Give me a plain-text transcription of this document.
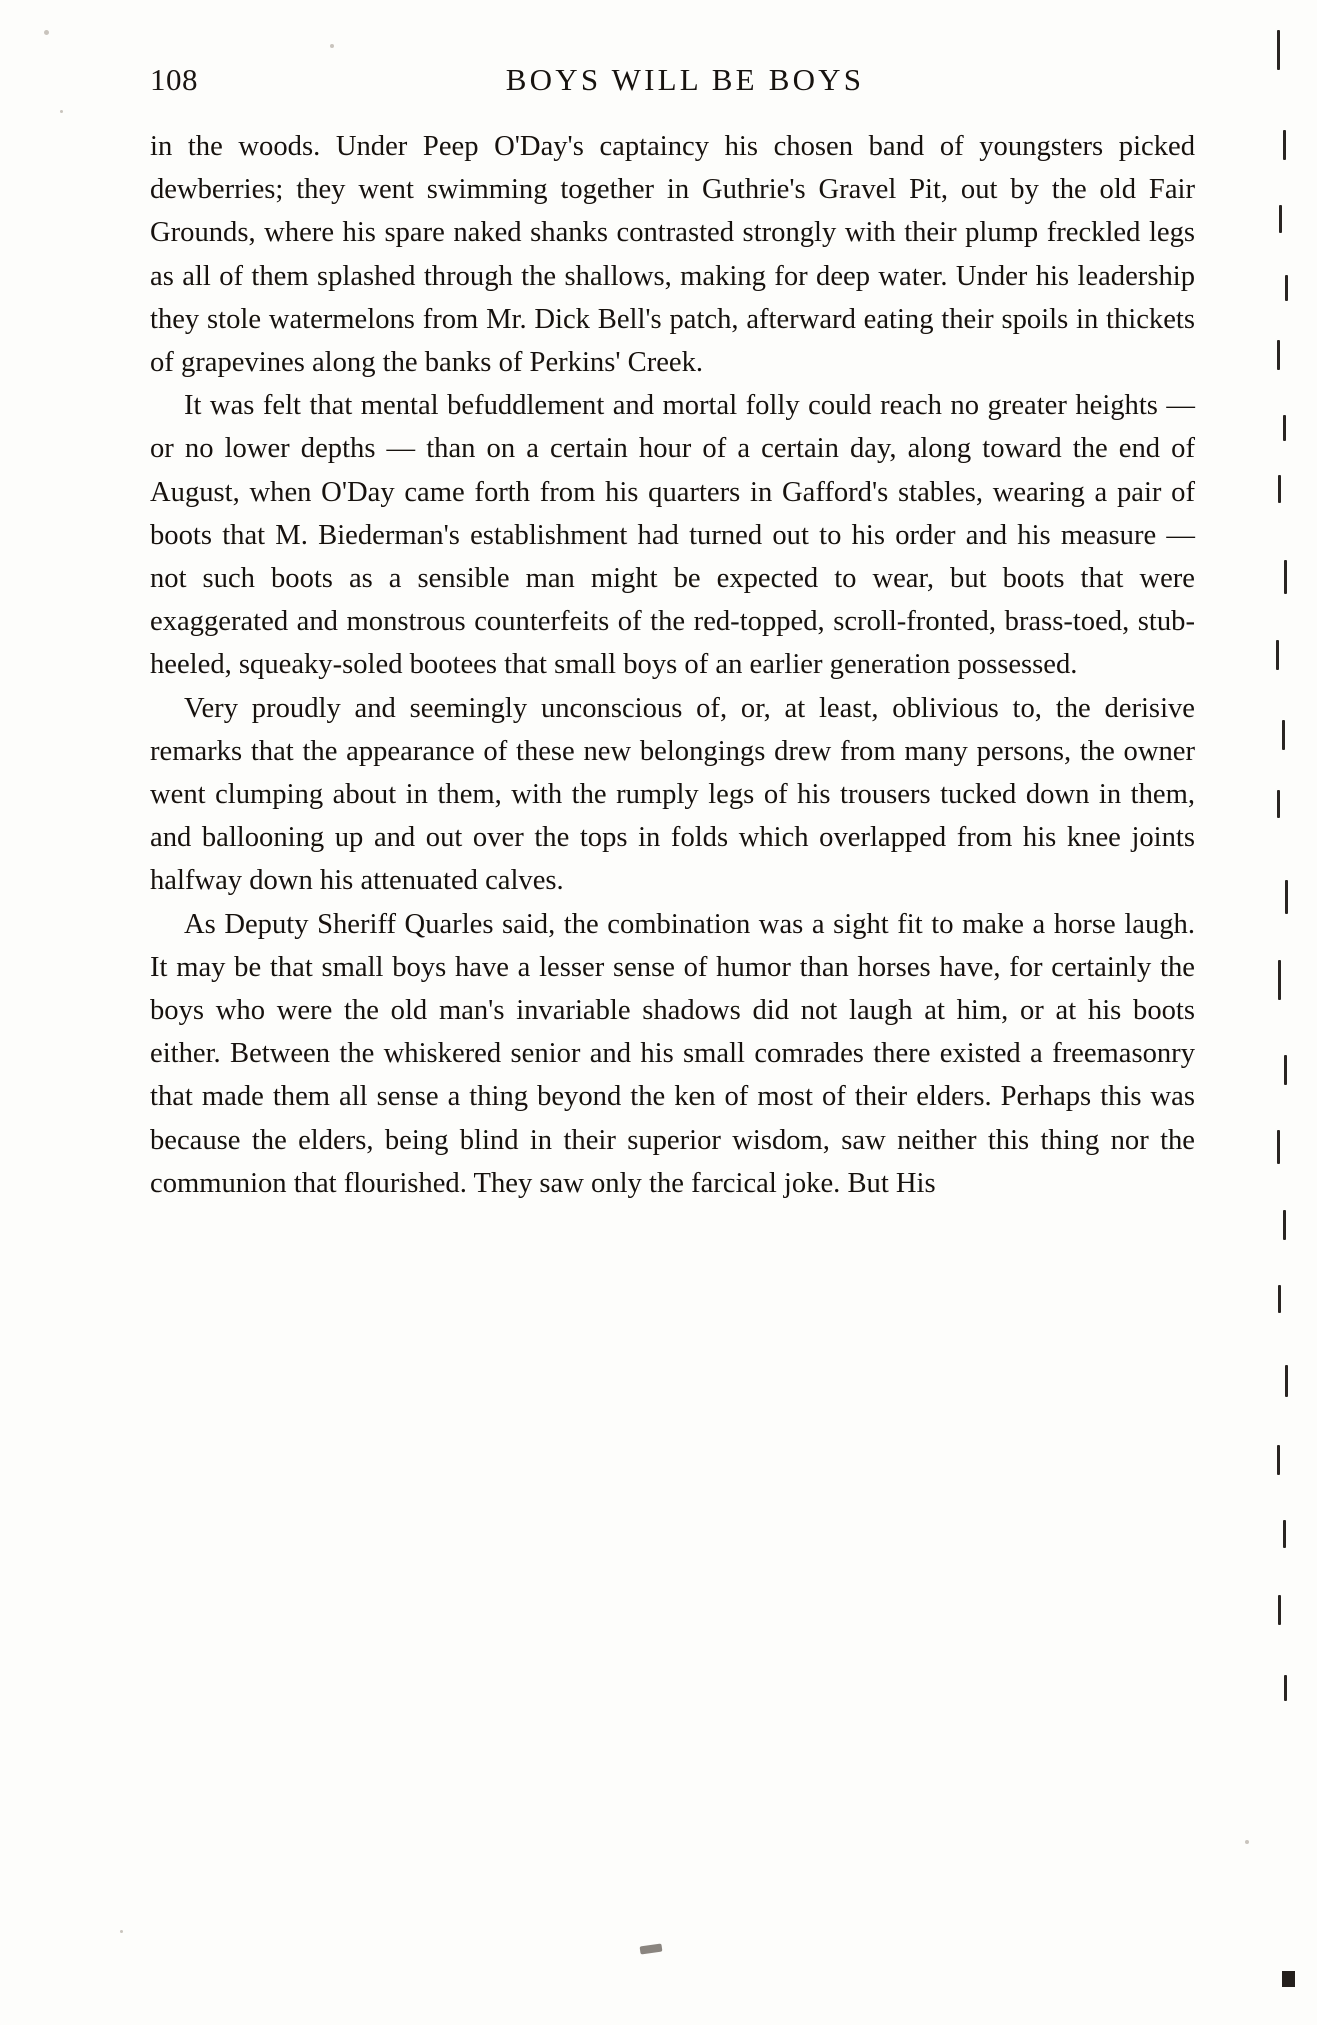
108	BOYS WILL BE BOYS

in the woods. Under Peep O'Day's captaincy his chosen band of youngsters picked dewberries; they went swimming together in Guthrie's Gravel Pit, out by the old Fair Grounds, where his spare naked shanks contrasted strongly with their plump freckled legs as all of them splashed through the shallows, making for deep water. Under his leadership they stole watermelons from Mr. Dick Bell's patch, afterward eating their spoils in thickets of grapevines along the banks of Perkins' Creek.

It was felt that mental befuddlement and mortal folly could reach no greater heights — or no lower depths — than on a certain hour of a certain day, along toward the end of August, when O'Day came forth from his quarters in Gafford's stables, wearing a pair of boots that M. Biederman's establishment had turned out to his order and his measure — not such boots as a sensible man might be expected to wear, but boots that were exaggerated and monstrous counterfeits of the red-topped, scroll-fronted, brass-toed, stub-heeled, squeaky-soled bootees that small boys of an earlier generation possessed.

Very proudly and seemingly unconscious of, or, at least, oblivious to, the derisive remarks that the appearance of these new belongings drew from many persons, the owner went clumping about in them, with the rumply legs of his trousers tucked down in them, and ballooning up and out over the tops in folds which overlapped from his knee joints halfway down his attenuated calves.

As Deputy Sheriff Quarles said, the combination was a sight fit to make a horse laugh. It may be that small boys have a lesser sense of humor than horses have, for certainly the boys who were the old man's invariable shadows did not laugh at him, or at his boots either. Between the whiskered senior and his small comrades there existed a freemasonry that made them all sense a thing beyond the ken of most of their elders. Perhaps this was because the elders, being blind in their superior wisdom, saw neither this thing nor the communion that flourished. They saw only the farcical joke. But His
